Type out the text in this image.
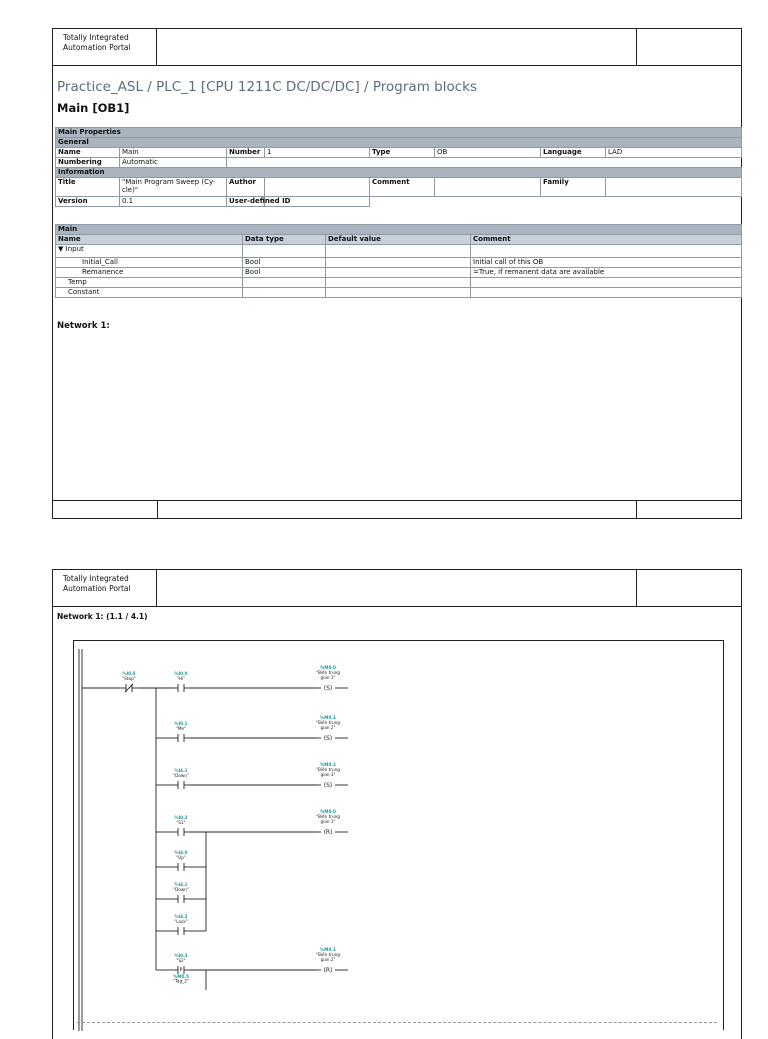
Totally Integrated
Automation Portal
Practice_ASL / PLC_1 [CPU 1211C DC/DC/DC] / Program blocks
Main [OB1]
Main Properties							
General							
Name	Main	Number	1	Type	OB	Language	LAD
Numbering	Automatic						
Information							
Title	"Main Program Sweep (Cy- cle)"	Author		Comment		Family	
Version	0.1	User-defined ID					
Main			
Name	Data type	Default value	Comment
▼ Input			
Initial_Call	Bool		Initial call of this OB
Remanence	Bool		=True, if remanent data are available
Temp			
Constant			
Network 1:
Totally Integrated
Automation Portal
Network 1: (1.1 / 4.1)
%I0.5
"Stop"
%I0.0
"Hi"
%M0.0
"Biến trung
gian 1"
(S)
%I0.1
"Me"
%M0.1
"Biến trung
gian 2"
(S)
%I4.1
"Down"
%M0.2
"Biến trung
gian 3"
(S)
%I0.2
"S1"
%M0.0
"Biến trung
gian 1"
(R)
%I4.0
"Up"
%I4.1
"Down"
%I4.2
"Lock"
%I0.3
"S2"
P
%M0.1
"Biến trung
gian 2"
(R)
%M0.5
"Tag_2"
